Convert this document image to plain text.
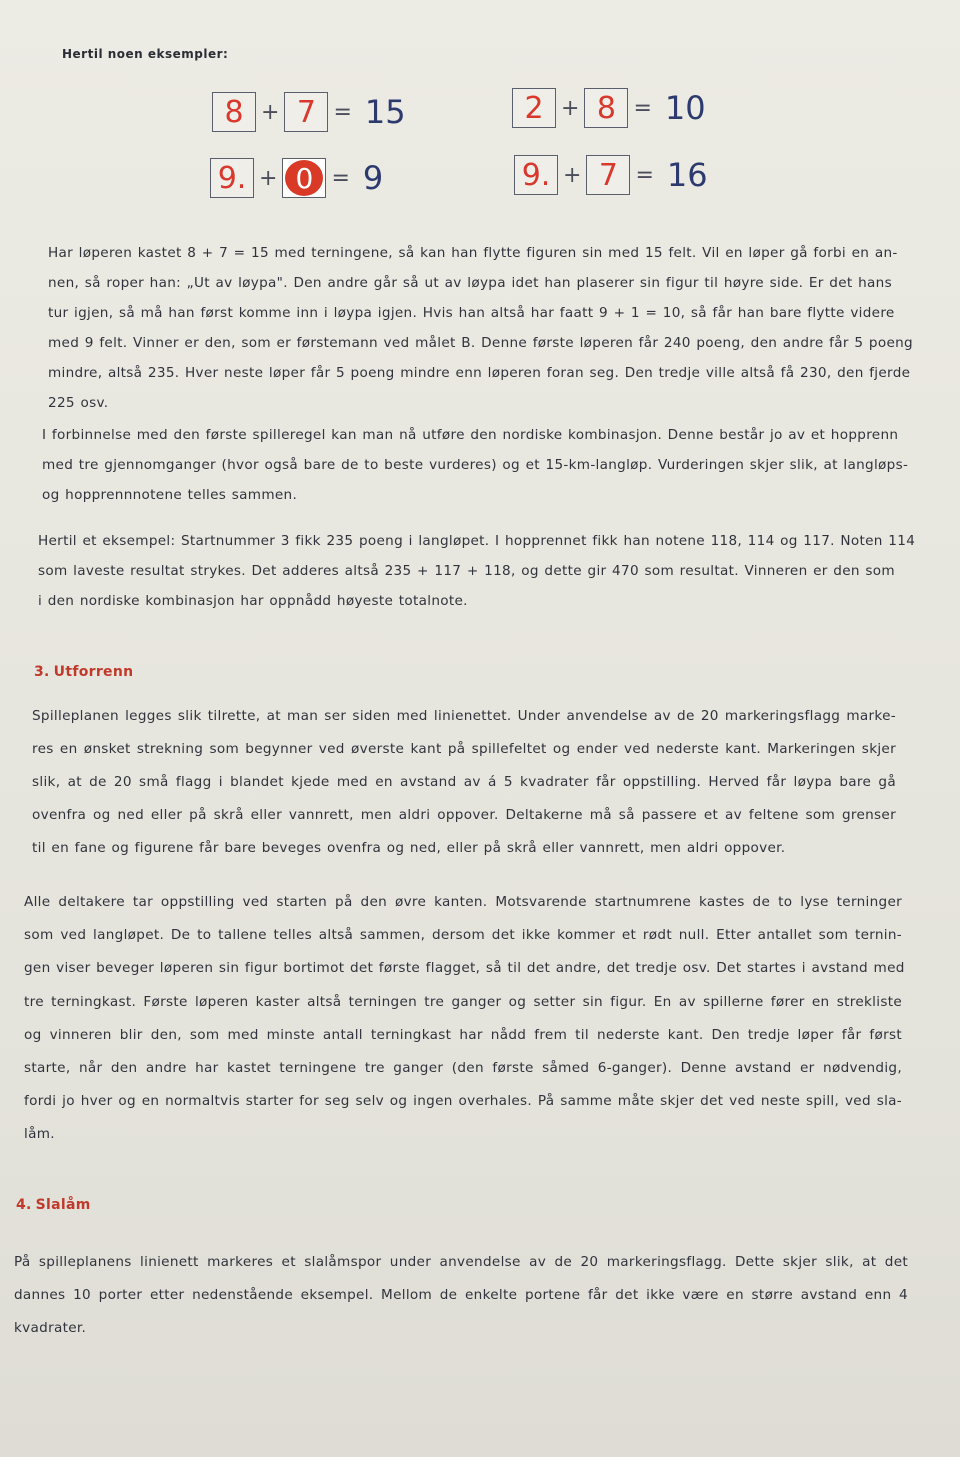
Hertil noen eksempler:
8 + 7 = 15	2 + 8 = 10
9. + 0 = 9	9. + 7 = 16
Har løperen kastet 8 + 7 = 15 med terningene, så kan han flytte figuren sin med 15 felt. Vil en løper gå forbi en an-
nen, så roper han: „Ut av løypa". Den andre går så ut av løypa idet han plaserer sin figur til høyre side. Er det hans
tur igjen, så må han først komme inn i løypa igjen. Hvis han altså har faatt 9 + 1 = 10, så får han bare flytte videre
med 9 felt. Vinner er den, som er førstemann ved målet B. Denne første løperen får 240 poeng, den andre får 5 poeng
mindre, altså 235. Hver neste løper får 5 poeng mindre enn løperen foran seg. Den tredje ville altså få 230, den fjerde
225 osv.
I forbinnelse med den første spilleregel kan man nå utføre den nordiske kombinasjon. Denne består jo av et hopprenn
med tre gjennomganger (hvor også bare de to beste vurderes) og et 15-km-langløp. Vurderingen skjer slik, at langløps-
og hopprennnotene telles sammen.
Hertil et eksempel: Startnummer 3 fikk 235 poeng i langløpet. I hopprennet fikk han notene 118, 114 og 117. Noten 114
som laveste resultat strykes. Det adderes altså 235 + 117 + 118, og dette gir 470 som resultat. Vinneren er den som
i den nordiske kombinasjon har oppnådd høyeste totalnote.
3. Utforrenn
Spilleplanen legges slik tilrette, at man ser siden med linienettet. Under anvendelse av de 20 markeringsflagg marke-
res en ønsket strekning som begynner ved øverste kant på spillefeltet og ender ved nederste kant. Markeringen skjer
slik, at de 20 små flagg i blandet kjede med en avstand av á 5 kvadrater får oppstilling. Herved får løypa bare gå
ovenfra og ned eller på skrå eller vannrett, men aldri oppover. Deltakerne må så passere et av feltene som grenser
til en fane og figurene får bare beveges ovenfra og ned, eller på skrå eller vannrett, men aldri oppover.
Alle deltakere tar oppstilling ved starten på den øvre kanten. Motsvarende startnumrene kastes de to lyse terninger
som ved langløpet. De to tallene telles altså sammen, dersom det ikke kommer et rødt null. Etter antallet som ternin-
gen viser beveger løperen sin figur bortimot det første flagget, så til det andre, det tredje osv. Det startes i avstand med
tre terningkast. Første løperen kaster altså terningen tre ganger og setter sin figur. En av spillerne fører en strekliste
og vinneren blir den, som med minste antall terningkast har nådd frem til nederste kant. Den tredje løper får først
starte, når den andre har kastet terningene tre ganger (den første såmed 6-ganger). Denne avstand er nødvendig,
fordi jo hver og en normaltvis starter for seg selv og ingen overhales. På samme måte skjer det ved neste spill, ved sla-
låm.
4. Slalåm
På spilleplanens linienett markeres et slalåmspor under anvendelse av de 20 markeringsflagg. Dette skjer slik, at det
dannes 10 porter etter nedenstående eksempel. Mellom de enkelte portene får det ikke være en større avstand enn 4
kvadrater.
